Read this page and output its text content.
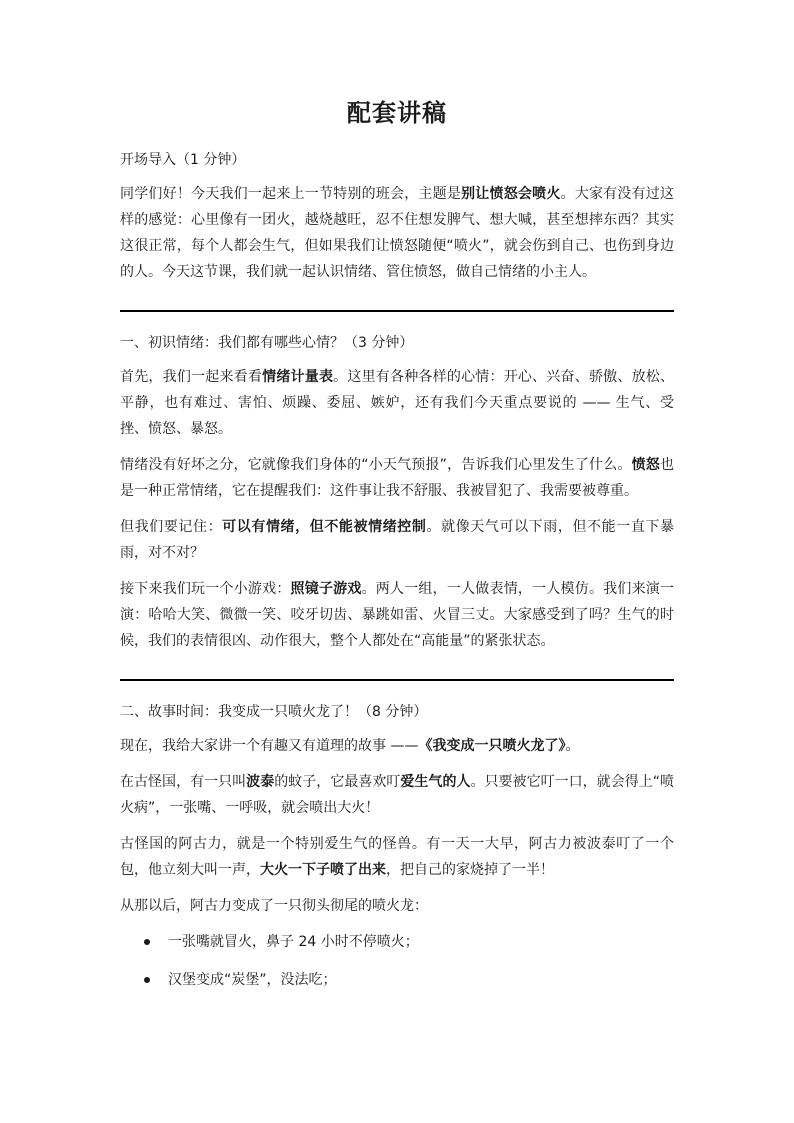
配套讲稿
开场导入（1 分钟）

同学们好！今天我们一起来上一节特别的班会，主题是别让愤怒会喷火。大家有没有过这样的感觉：心里像有一团火，越烧越旺，忍不住想发脾气、想大喊，甚至想摔东西？其实这很正常，每个人都会生气，但如果我们让愤怒随便“喷火”，就会伤到自己、也伤到身边的人。今天这节课，我们就一起认识情绪、管住愤怒，做自己情绪的小主人。

一、初识情绪：我们都有哪些心情？（3 分钟）

首先，我们一起来看看情绪计量表。这里有各种各样的心情：开心、兴奋、骄傲、放松、平静，也有难过、害怕、烦躁、委屈、嫉妒，还有我们今天重点要说的 —— 生气、受挫、愤怒、暴怒。

情绪没有好坏之分，它就像我们身体的“小天气预报”，告诉我们心里发生了什么。愤怒也是一种正常情绪，它在提醒我们：这件事让我不舒服、我被冒犯了、我需要被尊重。

但我们要记住：可以有情绪，但不能被情绪控制。就像天气可以下雨，但不能一直下暴雨，对不对？

接下来我们玩一个小游戏：照镜子游戏。两人一组，一人做表情，一人模仿。我们来演一演：哈哈大笑、微微一笑、咬牙切齿、暴跳如雷、火冒三丈。大家感受到了吗？生气的时候，我们的表情很凶、动作很大，整个人都处在“高能量”的紧张状态。

二、故事时间：我变成一只喷火龙了！（8 分钟）

现在，我给大家讲一个有趣又有道理的故事 ——《我变成一只喷火龙了》。

在古怪国，有一只叫波泰的蚊子，它最喜欢叮爱生气的人。只要被它叮一口，就会得上“喷火病”，一张嘴、一呼吸，就会喷出大火！

古怪国的阿古力，就是一个特别爱生气的怪兽。有一天一大早，阿古力被波泰叮了一个包，他立刻大叫一声，大火一下子喷了出来，把自己的家烧掉了一半！

从那以后，阿古力变成了一只彻头彻尾的喷火龙：

一张嘴就冒火，鼻子 24 小时不停喷火；
汉堡变成“炭堡”，没法吃；
